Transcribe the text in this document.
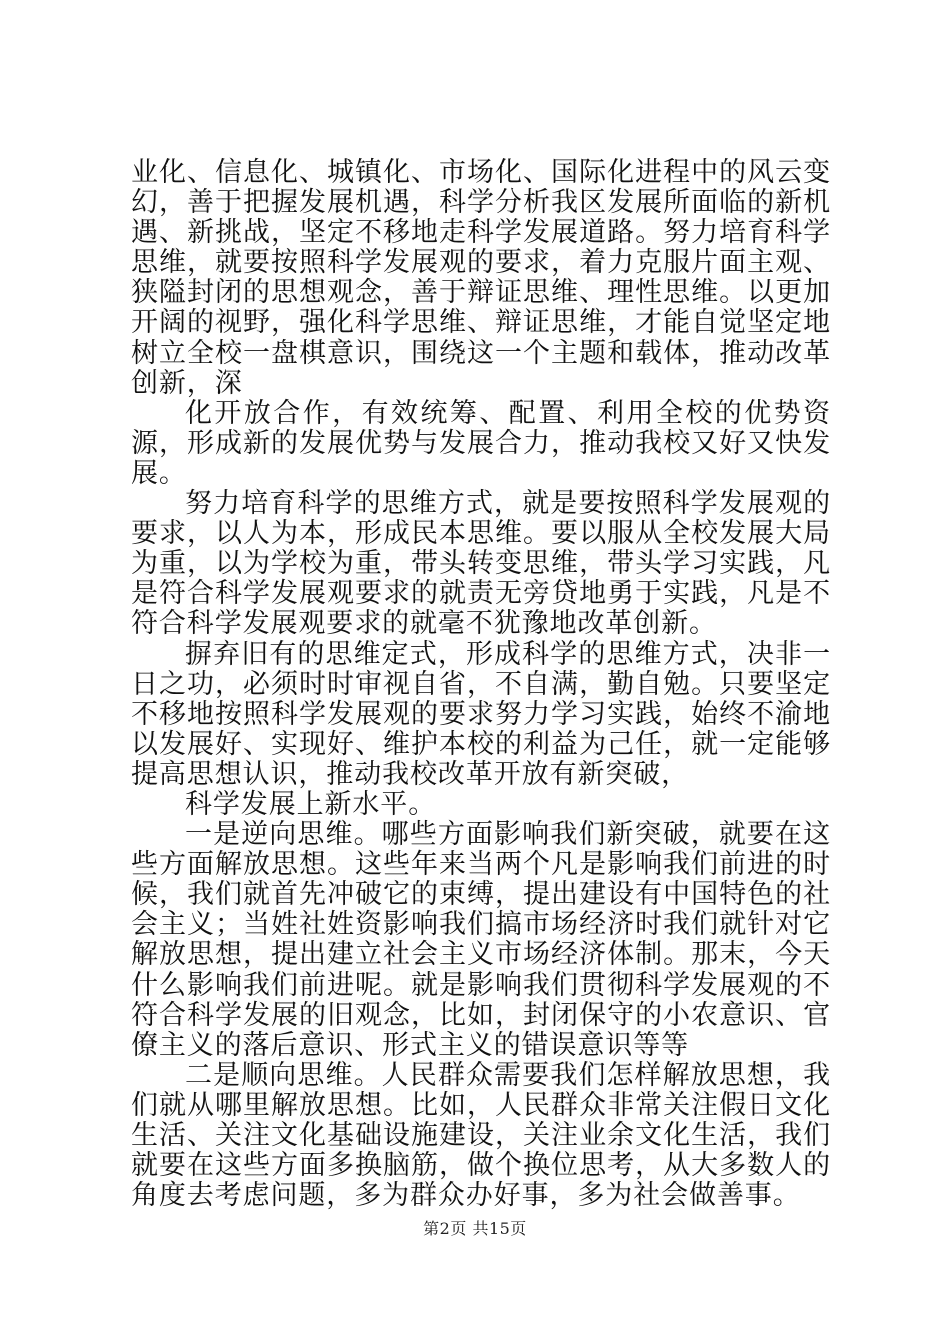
业化、信息化、城镇化、市场化、国际化进程中的风云变幻，善于把握发展机遇，科学分析我区发展所面临的新机遇、新挑战，坚定不移地走科学发展道路。努力培育科学思维，就要按照科学发展观的要求，着力克服片面主观、狭隘封闭的思想观念，善于辩证思维、理性思维。以更加开阔的视野，强化科学思维、辩证思维，才能自觉坚定地树立全校一盘棋意识，围绕这一个主题和载体，推动改革创新，深

化开放合作，有效统筹、配置、利用全校的优势资源，形成新的发展优势与发展合力，推动我校又好又快发展。

努力培育科学的思维方式，就是要按照科学发展观的要求，以人为本，形成民本思维。要以服从全校发展大局为重，以为学校为重，带头转变思维，带头学习实践，凡是符合科学发展观要求的就责无旁贷地勇于实践，凡是不符合科学发展观要求的就毫不犹豫地改革创新。

摒弃旧有的思维定式，形成科学的思维方式，决非一日之功，必须时时审视自省，不自满，勤自勉。只要坚定不移地按照科学发展观的要求努力学习实践，始终不渝地以发展好、实现好、维护本校的利益为己任，就一定能够提高思想认识，推动我校改革开放有新突破，

科学发展上新水平。

一是逆向思维。哪些方面影响我们新突破，就要在这些方面解放思想。这些年来当两个凡是影响我们前进的时候，我们就首先冲破它的束缚，提出建设有中国特色的社会主义；当姓社姓资影响我们搞市场经济时我们就针对它解放思想，提出建立社会主义市场经济体制。那末，今天什么影响我们前进呢。就是影响我们贯彻科学发展观的不符合科学发展的旧观念，比如，封闭保守的小农意识、官僚主义的落后意识、形式主义的错误意识等等

二是顺向思维。人民群众需要我们怎样解放思想，我们就从哪里解放思想。比如，人民群众非常关注假日文化生活、关注文化基础设施建设，关注业余文化生活，我们就要在这些方面多换脑筋，做个换位思考，从大多数人的角度去考虑问题，多为群众办好事，多为社会做善事。

第2页 共15页
